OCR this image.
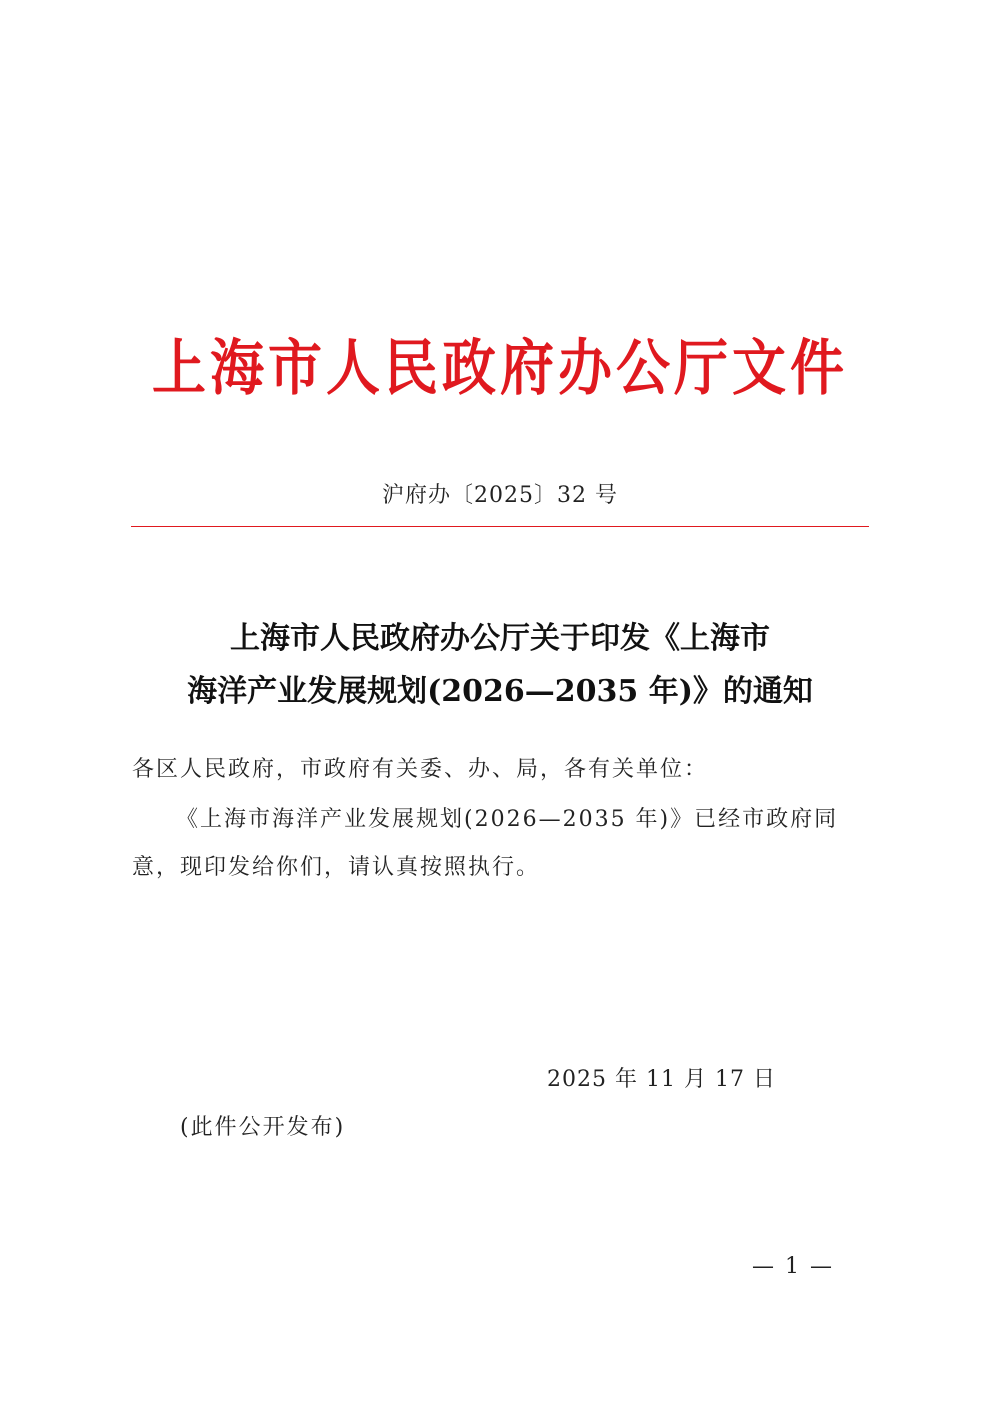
上海市人民政府办公厅文件
沪府办〔2025〕32 号
上海市人民政府办公厅关于印发《上海市
海洋产业发展规划(2026—2035 年)》的通知
各区人民政府，市政府有关委、办、局，各有关单位：
《上海市海洋产业发展规划(2026—2035 年)》已经市政府同
意，现印发给你们，请认真按照执行。
2025 年 11 月 17 日
(此件公开发布)
— 1 —
